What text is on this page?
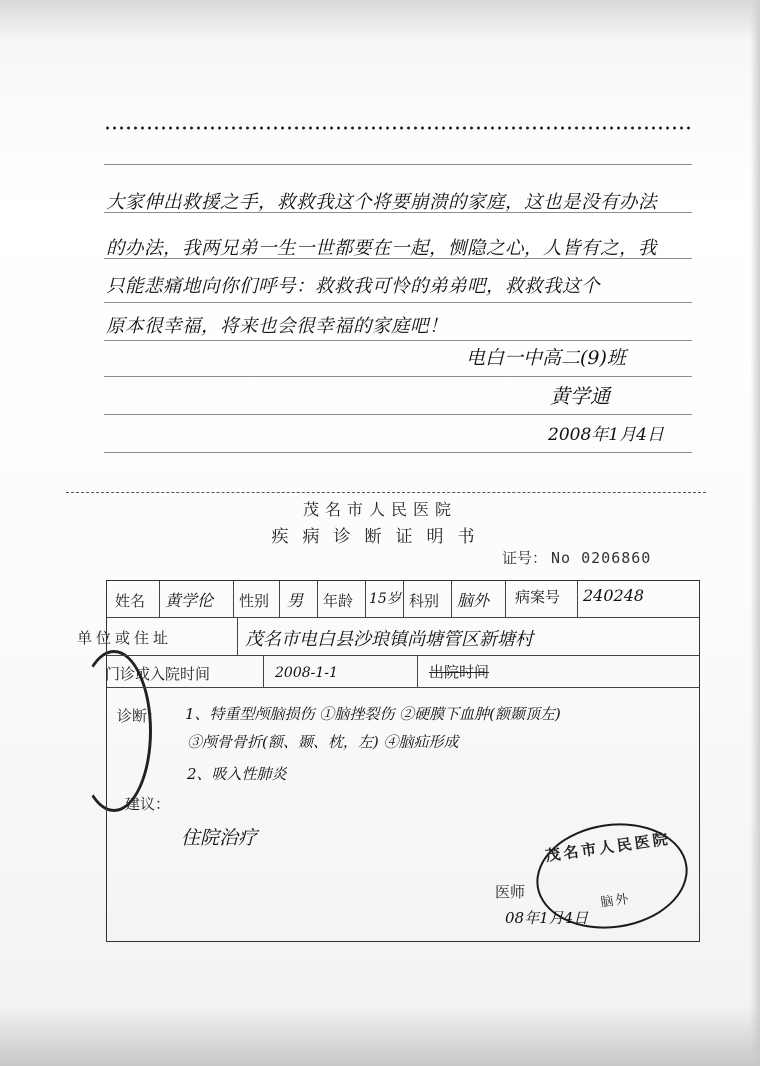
大家伸出救援之手，救救我这个将要崩溃的家庭，这也是没有办法
的办法，我两兄弟一生一世都要在一起，恻隐之心，人皆有之，我
只能悲痛地向你们呼号：救救我可怜的弟弟吧，救救我这个
原本很幸福，将来也会很幸福的家庭吧！
电白一中高二(9)班
黄学通
2008年1月4日
茂名市人民医院
疾病诊断证明书
证号： No 0206860
姓名 黄学伦 性别 男 年龄 15岁 科别 脑外 病案号 240248
单位或住址	茂名市电白县沙琅镇尚塘管区新塘村
门诊或入院时间	2008-1-1	出院时间
诊断： 1、特重型颅脑损伤 ①脑挫裂伤 ②硬膜下血肿(额颞顶左)
③颅骨骨折(额、颞、枕，左) ④脑疝形成
2、吸入性肺炎
建议：
住院治疗
医师
08年1月4日
茂名市人民医院
脑外
